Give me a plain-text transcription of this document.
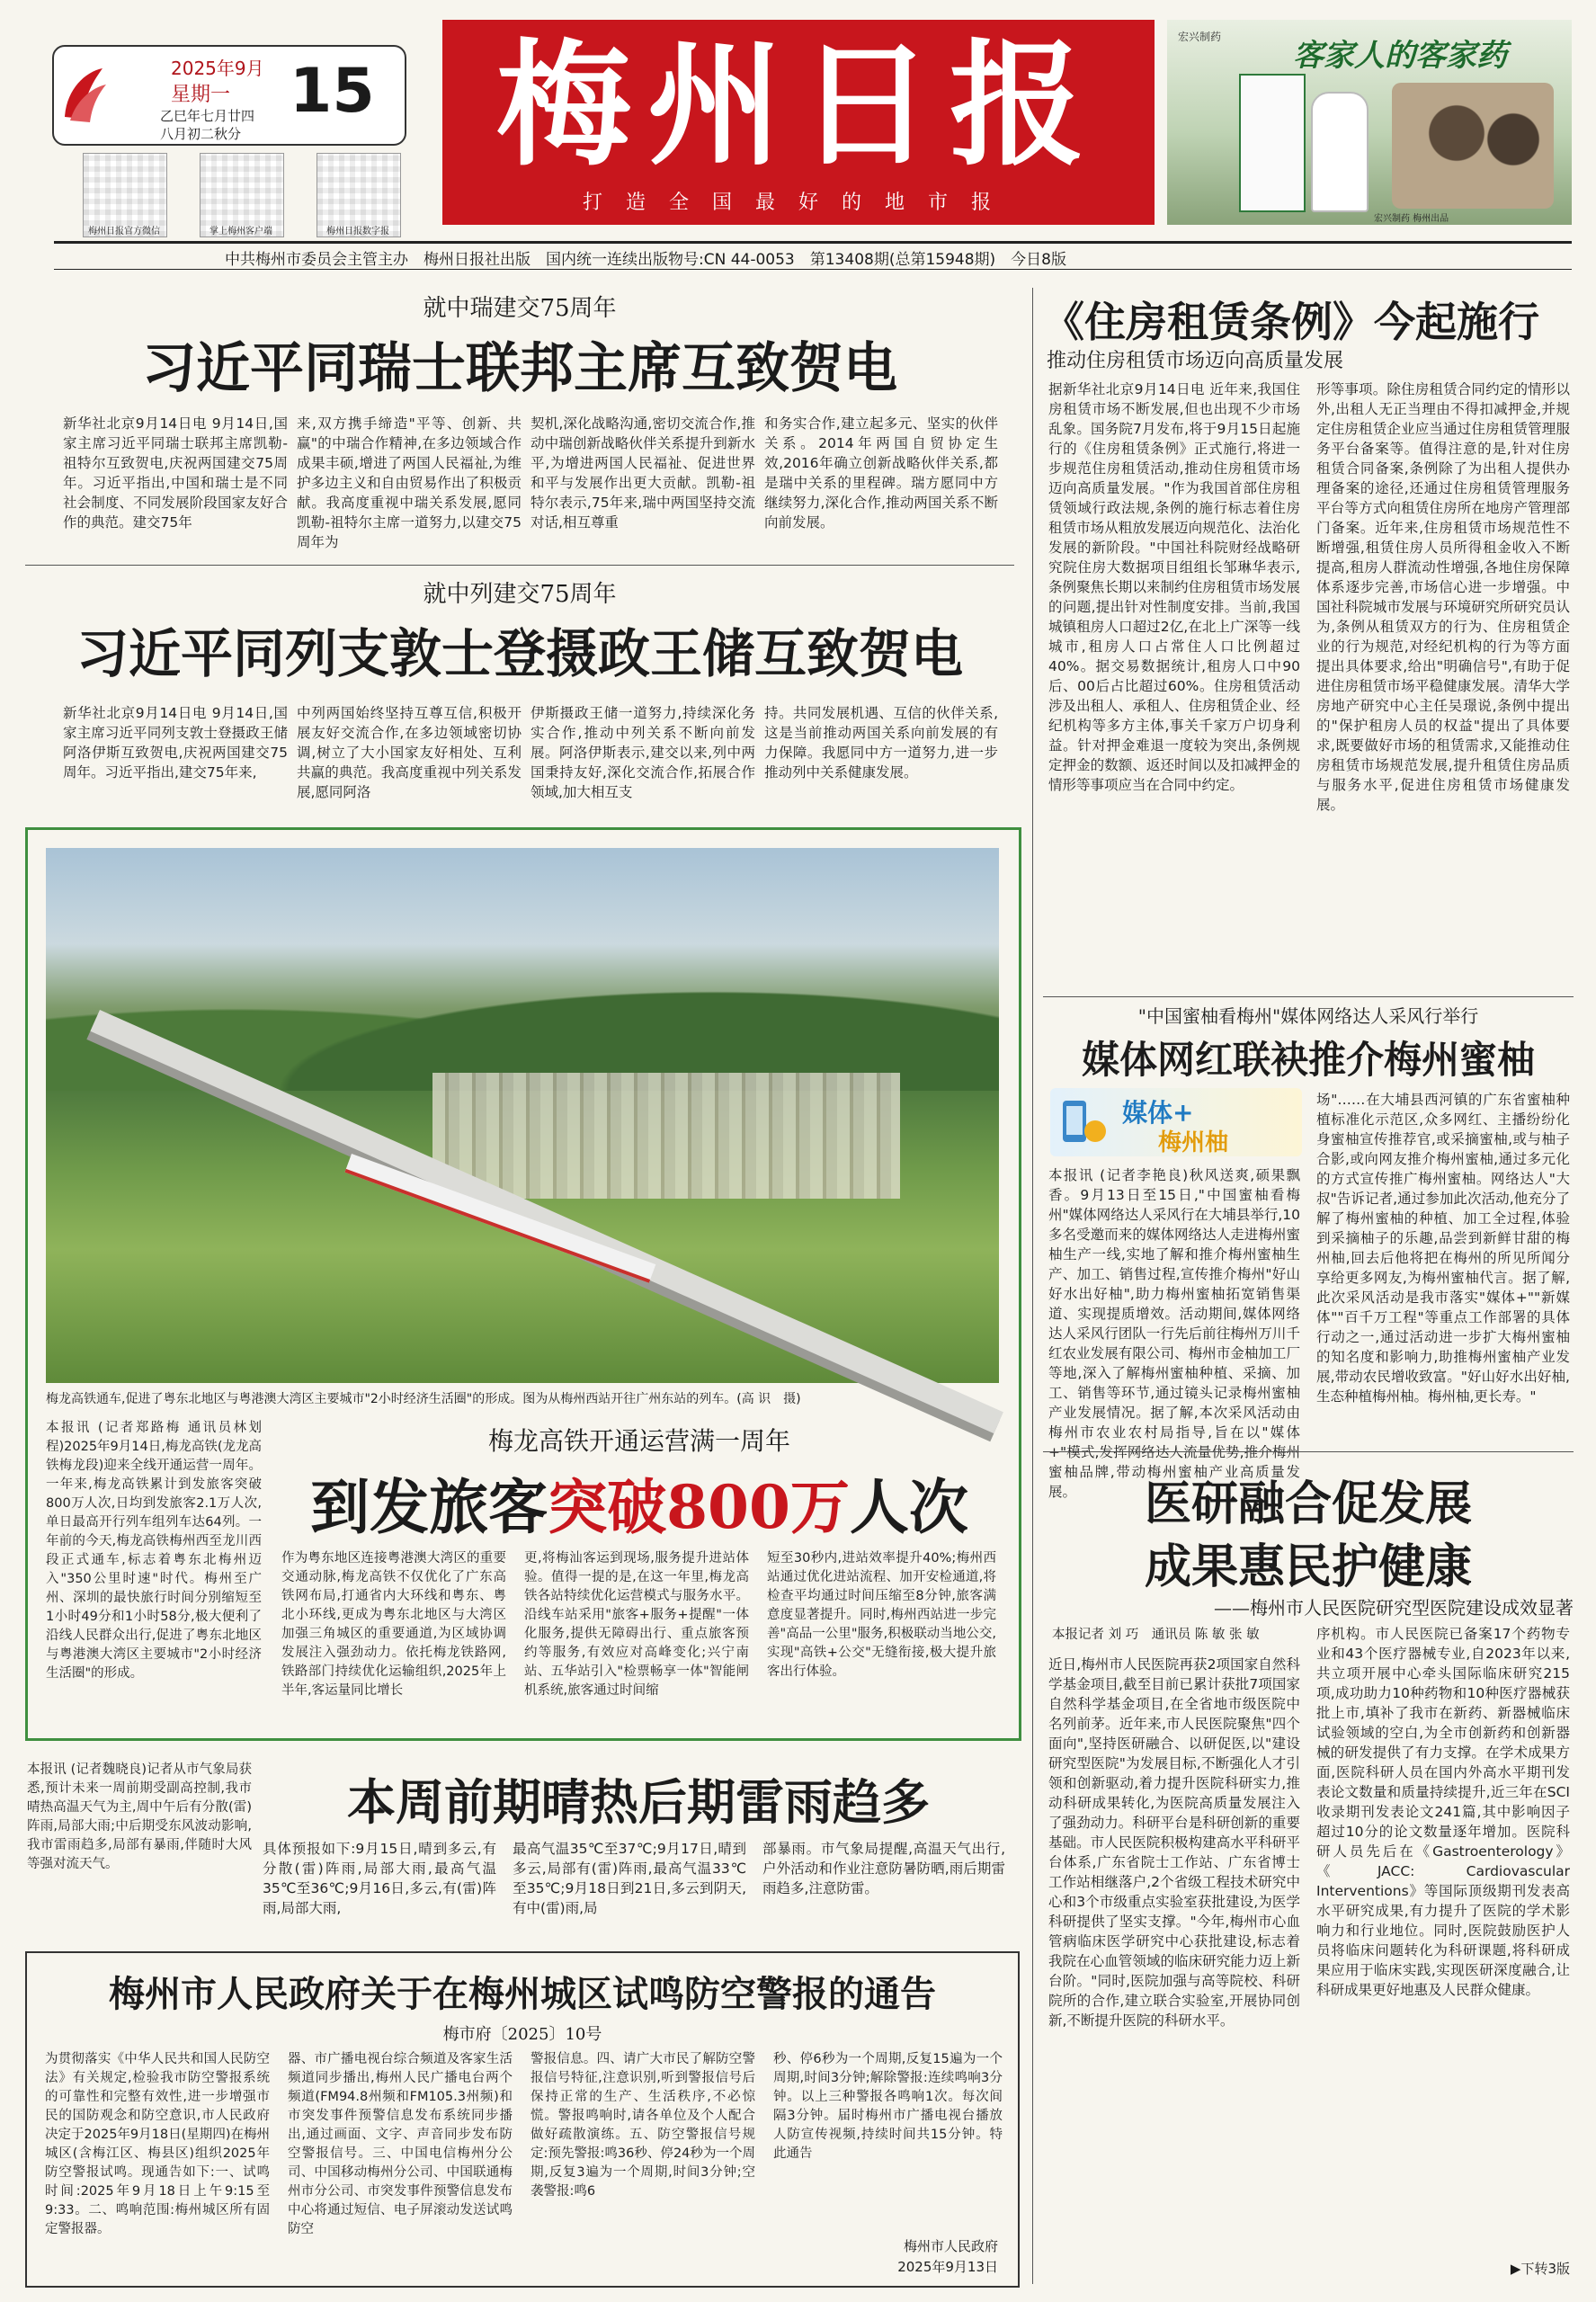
2025年9月
星期一
乙巳年七月廿四
八月初二秋分
15
梅州日报官方微信	掌上梅州客户端	梅州日报数字报
梅州日报
打造全国最好的地市报
宏兴制药
客家人的客家药
宏兴制药 梅州出品
中共梅州市委员会主管主办　梅州日报社出版　国内统一连续出版物号:CN 44-0053　第13408期(总第15948期)　今日8版
就中瑞建交75周年
习近平同瑞士联邦主席互致贺电
新华社北京9月14日电 9月14日,国家主席习近平同瑞士联邦主席凯勒-祖特尔互致贺电,庆祝两国建交75周年。习近平指出,中国和瑞士是不同社会制度、不同发展阶段国家友好合作的典范。建交75年
来,双方携手缔造"平等、创新、共赢"的中瑞合作精神,在多边领域合作成果丰硕,增进了两国人民福祉,为维护多边主义和自由贸易作出了积极贡献。我高度重视中瑞关系发展,愿同凯勒-祖特尔主席一道努力,以建交75周年为
契机,深化战略沟通,密切交流合作,推动中瑞创新战略伙伴关系提升到新水平,为增进两国人民福祉、促进世界和平与发展作出更大贡献。凯勒-祖特尔表示,75年来,瑞中两国坚持交流对话,相互尊重
和务实合作,建立起多元、坚实的伙伴关系。2014年两国自贸协定生效,2016年确立创新战略伙伴关系,都是瑞中关系的里程碑。瑞方愿同中方继续努力,深化合作,推动两国关系不断向前发展。
就中列建交75周年
习近平同列支敦士登摄政王储互致贺电
新华社北京9月14日电 9月14日,国家主席习近平同列支敦士登摄政王储阿洛伊斯互致贺电,庆祝两国建交75周年。习近平指出,建交75年来,
中列两国始终坚持互尊互信,积极开展友好交流合作,在多边领域密切协调,树立了大小国家友好相处、互利共赢的典范。我高度重视中列关系发展,愿同阿洛
伊斯摄政王储一道努力,持续深化务实合作,推动中列关系不断向前发展。阿洛伊斯表示,建交以来,列中两国秉持友好,深化交流合作,拓展合作领域,加大相互支
持。共同发展机遇、互信的伙伴关系,这是当前推动两国关系向前发展的有力保障。我愿同中方一道努力,进一步推动列中关系健康发展。
梅龙高铁通车,促进了粤东北地区与粤港澳大湾区主要城市"2小时经济生活圈"的形成。图为从梅州西站开往广州东站的列车。(高 识　摄)
本报讯 (记者郑路梅 通讯员林划程)2025年9月14日,梅龙高铁(龙龙高铁梅龙段)迎来全线开通运营一周年。一年来,梅龙高铁累计到发旅客突破800万人次,日均到发旅客2.1万人次,单日最高开行列车组列车达64列。一年前的今天,梅龙高铁梅州西至龙川西段正式通车,标志着粤东北梅州迈入"350公里时速"时代。梅州至广州、深圳的最快旅行时间分别缩短至1小时49分和1小时58分,极大便利了沿线人民群众出行,促进了粤东北地区与粤港澳大湾区主要城市"2小时经济生活圈"的形成。
梅龙高铁开通运营满一周年
到发旅客突破800万人次
作为粤东地区连接粤港澳大湾区的重要交通动脉,梅龙高铁不仅优化了广东高铁网布局,打通省内大环线和粤东、粤北小环线,更成为粤东北地区与大湾区加强三角城区的重要通道,为区域协调发展注入强劲动力。依托梅龙铁路网,铁路部门持续优化运输组织,2025年上半年,客运量同比增长
更,将梅汕客运到现场,服务提升进站体验。值得一提的是,在这一年里,梅龙高铁各站特续优化运营模式与服务水平。沿线车站采用"旅客+服务+提醒"一体化服务,提供无障碍出行、重点旅客预约等服务,有效应对高峰变化;兴宁南站、五华站引入"检票畅享一体"智能闸机系统,旅客通过时间缩
短至30秒内,进站效率提升40%;梅州西站通过优化进站流程、加开安检通道,将检查平均通过时间压缩至8分钟,旅客满意度显著提升。同时,梅州西站进一步完善"高品一公里"服务,积极联动当地公交,实现"高铁+公交"无缝衔接,极大提升旅客出行体验。
本报讯 (记者魏晓良)记者从市气象局获悉,预计未来一周前期受副高控制,我市晴热高温天气为主,周中午后有分散(雷)阵雨,局部大雨;中后期受东风波动影响,我市雷雨趋多,局部有暴雨,伴随时大风等强对流天气。
本周前期晴热后期雷雨趋多
具体预报如下:9月15日,晴到多云,有分散(雷)阵雨,局部大雨,最高气温35℃至36℃;9月16日,多云,有(雷)阵雨,局部大雨,
最高气温35℃至37℃;9月17日,晴到多云,局部有(雷)阵雨,最高气温33℃至35℃;9月18日到21日,多云到阴天,有中(雷)雨,局
部暴雨。市气象局提醒,高温天气出行,户外活动和作业注意防暑防晒,雨后期雷雨趋多,注意防雷。
梅州市人民政府关于在梅州城区试鸣防空警报的通告
梅市府〔2025〕10号
为贯彻落实《中华人民共和国人民防空法》有关规定,检验我市防空警报系统的可靠性和完整有效性,进一步增强市民的国防观念和防空意识,市人民政府决定于2025年9月18日(星期四)在梅州城区(含梅江区、梅县区)组织2025年防空警报试鸣。现通告如下:一、试鸣时间:2025年9月18日上午9:15至9:33。二、鸣响范围:梅州城区所有固定警报器。
器、市广播电视台综合频道及客家生活频道同步播出,梅州人民广播电台两个频道(FM94.8州频和FM105.3州频)和市突发事件预警信息发布系统同步播出,通过画面、文字、声音同步发布防空警报信号。三、中国电信梅州分公司、中国移动梅州分公司、中国联通梅州市分公司、市突发事件预警信息发布中心将通过短信、电子屏滚动发送试鸣防空
警报信息。四、请广大市民了解防空警报信号特征,注意识别,听到警报信号后保持正常的生产、生活秩序,不必惊慌。警报鸣响时,请各单位及个人配合做好疏散演练。五、防空警报信号规定:预先警报:鸣36秒、停24秒为一个周期,反复3遍为一个周期,时间3分钟;空袭警报:鸣6
秒、停6秒为一个周期,反复15遍为一个周期,时间3分钟;解除警报:连续鸣响3分钟。以上三种警报各鸣响1次。每次间隔3分钟。届时梅州市广播电视台播放人防宣传视频,持续时间共15分钟。特此通告
梅州市人民政府
2025年9月13日
《住房租赁条例》今起施行
推动住房租赁市场迈向高质量发展
据新华社北京9月14日电 近年来,我国住房租赁市场不断发展,但也出现不少市场乱象。国务院7月发布,将于9月15日起施行的《住房租赁条例》正式施行,将进一步规范住房租赁活动,推动住房租赁市场迈向高质量发展。"作为我国首部住房租赁领域行政法规,条例的施行标志着住房租赁市场从粗放发展迈向规范化、法治化发展的新阶段。"中国社科院财经战略研究院住房大数据项目组组长邹琳华表示,条例聚焦长期以来制约住房租赁市场发展的问题,提出针对性制度安排。当前,我国城镇租房人口超过2亿,在北上广深等一线城市,租房人口占常住人口比例超过40%。据交易数据统计,租房人口中90后、00后占比超过60%。住房租赁活动涉及出租人、承租人、住房租赁企业、经纪机构等多方主体,事关千家万户切身利益。针对押金难退一度较为突出,条例规定押金的数额、返还时间以及扣减押金的情形等事项应当在合同中约定。
形等事项。除住房租赁合同约定的情形以外,出租人无正当理由不得扣减押金,并规定住房租赁企业应当通过住房租赁管理服务平台备案等。值得注意的是,针对住房租赁合同备案,条例除了为出租人提供办理备案的途径,还通过住房租赁管理服务平台等方式向租赁住房所在地房产管理部门备案。近年来,住房租赁市场规范性不断增强,租赁住房人员所得租金收入不断提高,租房人群流动性增强,各地住房保障体系逐步完善,市场信心进一步增强。中国社科院城市发展与环境研究所研究员认为,条例从租赁双方的行为、住房租赁企业的行为规范,对经纪机构的行为等方面提出具体要求,给出"明确信号",有助于促进住房租赁市场平稳健康发展。清华大学房地产研究中心主任吴璟说,条例中提出的"保护租房人员的权益"提出了具体要求,既要做好市场的租赁需求,又能推动住房租赁市场规范发展,提升租赁住房品质与服务水平,促进住房租赁市场健康发展。
"中国蜜柚看梅州"媒体网络达人采风行举行
媒体网红联袂推介梅州蜜柚
媒体+
梅州柚
本报讯 (记者李艳良)秋风送爽,硕果飘香。9月13日至15日,"中国蜜柚看梅州"媒体网络达人采风行在大埔县举行,10多名受邀而来的媒体网络达人走进梅州蜜柚生产一线,实地了解和推介梅州蜜柚生产、加工、销售过程,宣传推介梅州"好山好水出好柚",助力梅州蜜柚拓宽销售渠道、实现提质增效。活动期间,媒体网络达人采风行团队一行先后前往梅州万川千红农业发展有限公司、梅州市金柚加工厂等地,深入了解梅州蜜柚种植、采摘、加工、销售等环节,通过镜头记录梅州蜜柚产业发展情况。据了解,本次采风活动由梅州市农业农村局指导,旨在以"媒体+"模式,发挥网络达人流量优势,推介梅州蜜柚品牌,带动梅州蜜柚产业高质量发展。
场"……在大埔县西河镇的广东省蜜柚种植标准化示范区,众多网红、主播纷纷化身蜜柚宣传推荐官,或采摘蜜柚,或与柚子合影,或向网友推介梅州蜜柚,通过多元化的方式宣传推广梅州蜜柚。网络达人"大叔"告诉记者,通过参加此次活动,他充分了解了梅州蜜柚的种植、加工全过程,体验到采摘柚子的乐趣,品尝到新鲜甘甜的梅州柚,回去后他将把在梅州的所见所闻分享给更多网友,为梅州蜜柚代言。据了解,此次采风活动是我市落实"媒体+""新媒体""百千万工程"等重点工作部署的具体行动之一,通过活动进一步扩大梅州蜜柚的知名度和影响力,助推梅州蜜柚产业发展,带动农民增收致富。"好山好水出好柚,生态种植梅州柚。梅州柚,更长寿。"
医研融合促发展
成果惠民护健康
——梅州市人民医院研究型医院建设成效显著
本报记者 刘 巧　通讯员 陈 敏 张 敏
近日,梅州市人民医院再获2项国家自然科学基金项目,截至目前已累计获批7项国家自然科学基金项目,在全省地市级医院中名列前茅。近年来,市人民医院聚焦"四个面向",坚持医研融合、以研促医,以"建设研究型医院"为发展目标,不断强化人才引领和创新驱动,着力提升医院科研实力,推动科研成果转化,为医院高质量发展注入了强劲动力。科研平台是科研创新的重要基础。市人民医院积极构建高水平科研平台体系,广东省院士工作站、广东省博士工作站相继落户,2个省级工程技术研究中心和3个市级重点实验室获批建设,为医学科研提供了坚实支撑。"今年,梅州市心血管病临床医学研究中心获批建设,标志着我院在心血管领域的临床研究能力迈上新台阶。"同时,医院加强与高等院校、科研院所的合作,建立联合实验室,开展协同创新,不断提升医院的科研水平。
序机构。市人民医院已备案17个药物专业和43个医疗器械专业,自2023年以来,共立项开展中心牵头国际临床研究215项,成功助力10种药物和10种医疗器械获批上市,填补了我市在新药、新器械临床试验领域的空白,为全市创新药和创新器械的研发提供了有力支撑。在学术成果方面,医院科研人员在国内外高水平期刊发表论文数量和质量持续提升,近三年在SCI收录期刊发表论文241篇,其中影响因子超过10分的论文数量逐年增加。医院科研人员先后在《Gastroenterology》《JACC: Cardiovascular Interventions》等国际顶级期刊发表高水平研究成果,有力提升了医院的学术影响力和行业地位。同时,医院鼓励医护人员将临床问题转化为科研课题,将科研成果应用于临床实践,实现医研深度融合,让科研成果更好地惠及人民群众健康。
▶下转3版
